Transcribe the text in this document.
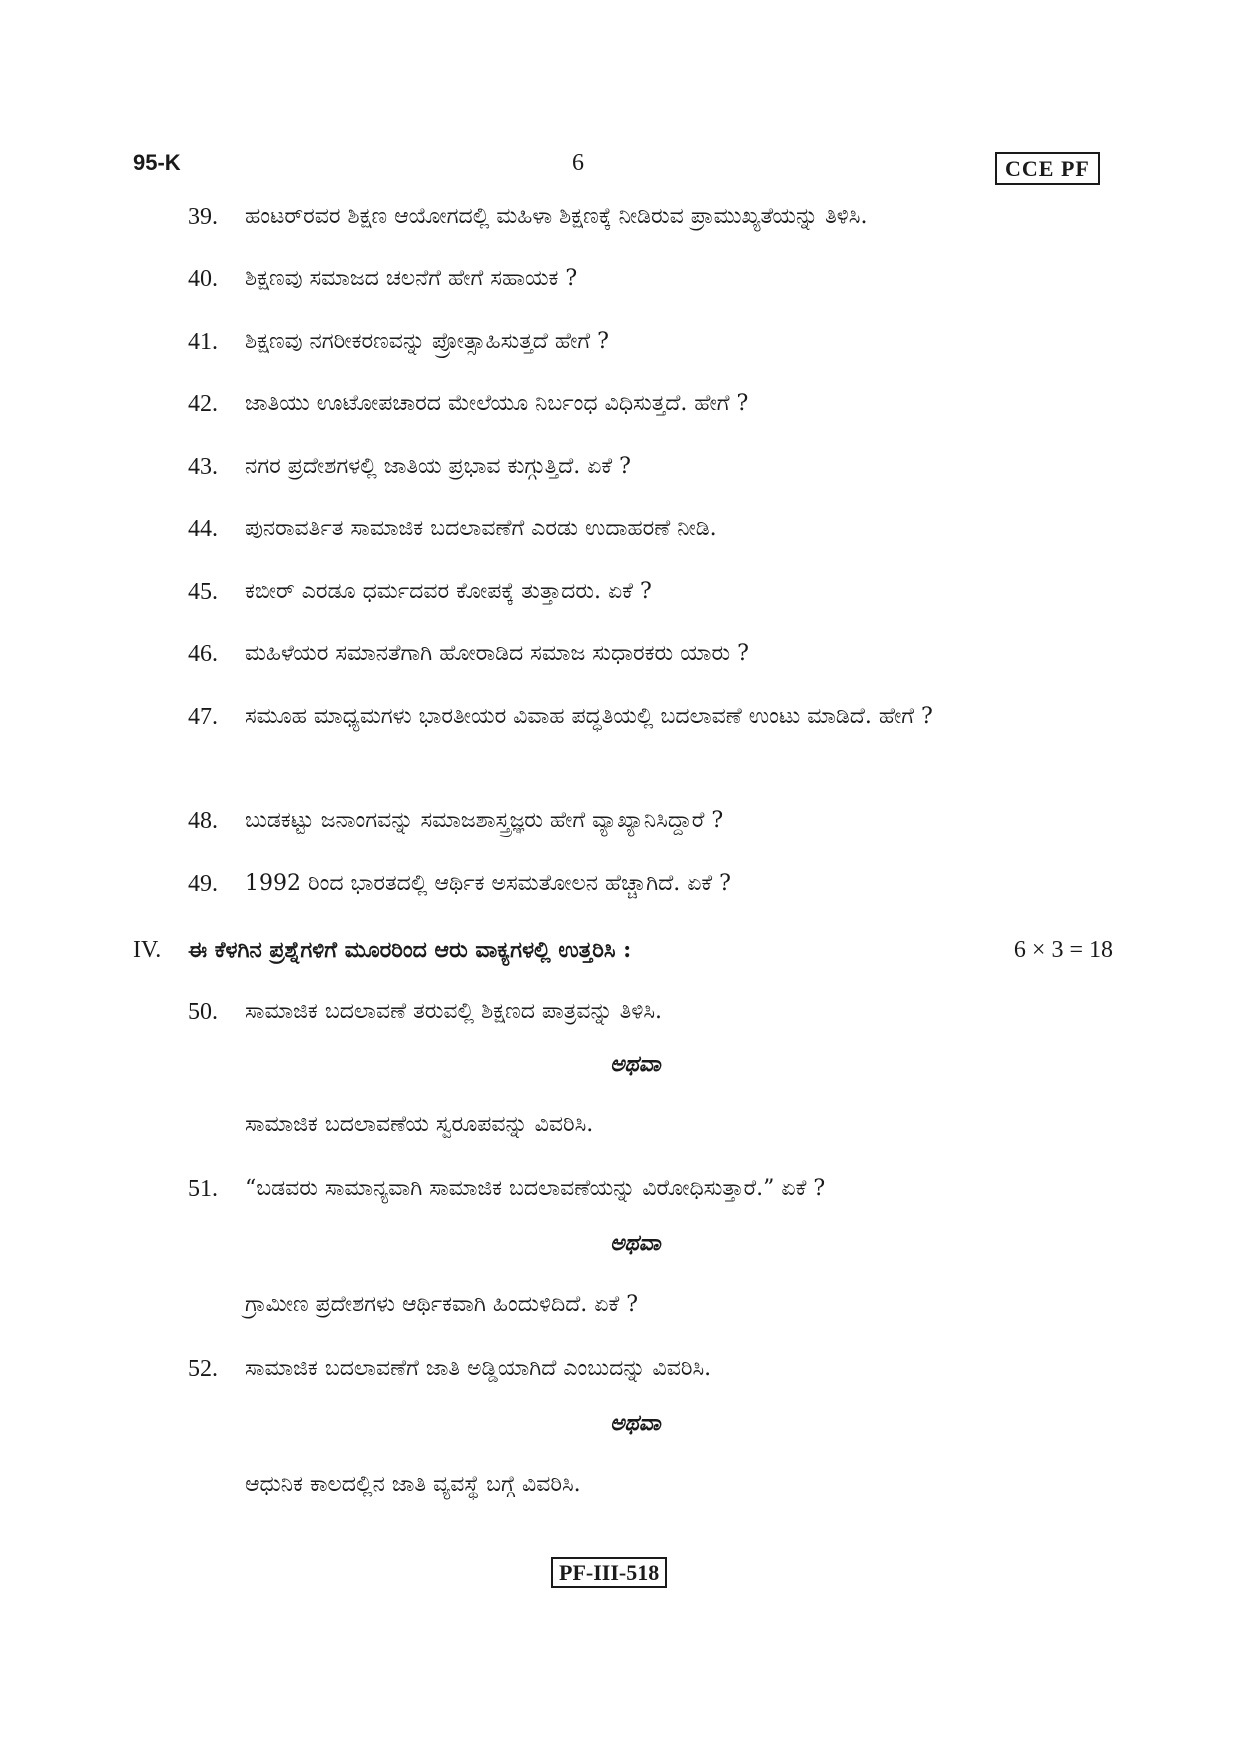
95-K	6	CCE PF
39. ಹಂಟರ್‌ರವರ ಶಿಕ್ಷಣ ಆಯೋಗದಲ್ಲಿ ಮಹಿಳಾ ಶಿಕ್ಷಣಕ್ಕೆ ನೀಡಿರುವ ಪ್ರಾಮುಖ್ಯತೆಯನ್ನು ತಿಳಿಸಿ.
40. ಶಿಕ್ಷಣವು ಸಮಾಜದ ಚಲನೆಗೆ ಹೇಗೆ ಸಹಾಯಕ ?
41. ಶಿಕ್ಷಣವು ನಗರೀಕರಣವನ್ನು ಪ್ರೋತ್ಸಾಹಿಸುತ್ತದೆ ಹೇಗೆ ?
42. ಜಾತಿಯು ಊಟೋಪಚಾರದ ಮೇಲೆಯೂ ನಿರ್ಬಂಧ ವಿಧಿಸುತ್ತದೆ. ಹೇಗೆ ?
43. ನಗರ ಪ್ರದೇಶಗಳಲ್ಲಿ ಜಾತಿಯ ಪ್ರಭಾವ ಕುಗ್ಗುತ್ತಿದೆ. ಏಕೆ ?
44. ಪುನರಾವರ್ತಿತ ಸಾಮಾಜಿಕ ಬದಲಾವಣೆಗೆ ಎರಡು ಉದಾಹರಣೆ ನೀಡಿ.
45. ಕಬೀರ್ ಎರಡೂ ಧರ್ಮದವರ ಕೋಪಕ್ಕೆ ತುತ್ತಾದರು. ಏಕೆ ?
46. ಮಹಿಳೆಯರ ಸಮಾನತೆಗಾಗಿ ಹೋರಾಡಿದ ಸಮಾಜ ಸುಧಾರಕರು ಯಾರು ?
47. ಸಮೂಹ ಮಾಧ್ಯಮಗಳು ಭಾರತೀಯರ ವಿವಾಹ ಪದ್ಧತಿಯಲ್ಲಿ ಬದಲಾವಣೆ ಉಂಟು ಮಾಡಿದೆ. ಹೇಗೆ ?
48. ಬುಡಕಟ್ಟು ಜನಾಂಗವನ್ನು ಸಮಾಜಶಾಸ್ತ್ರಜ್ಞರು ಹೇಗೆ ವ್ಯಾಖ್ಯಾನಿಸಿದ್ದಾರೆ ?
49. 1992 ರಿಂದ ಭಾರತದಲ್ಲಿ ಆರ್ಥಿಕ ಅಸಮತೋಲನ ಹೆಚ್ಚಾಗಿದೆ. ಏಕೆ ?
IV. ಈ ಕೆಳಗಿನ ಪ್ರಶ್ನೆಗಳಿಗೆ ಮೂರರಿಂದ ಆರು ವಾಕ್ಯಗಳಲ್ಲಿ ಉತ್ತರಿಸಿ :	6 × 3 = 18
50. ಸಾಮಾಜಿಕ ಬದಲಾವಣೆ ತರುವಲ್ಲಿ ಶಿಕ್ಷಣದ ಪಾತ್ರವನ್ನು ತಿಳಿಸಿ.
ಅಥವಾ
ಸಾಮಾಜಿಕ ಬದಲಾವಣೆಯ ಸ್ವರೂಪವನ್ನು ವಿವರಿಸಿ.
51. “ಬಡವರು ಸಾಮಾನ್ಯವಾಗಿ ಸಾಮಾಜಿಕ ಬದಲಾವಣೆಯನ್ನು ವಿರೋಧಿಸುತ್ತಾರೆ.” ಏಕೆ ?
ಅಥವಾ
ಗ್ರಾಮೀಣ ಪ್ರದೇಶಗಳು ಆರ್ಥಿಕವಾಗಿ ಹಿಂದುಳಿದಿದೆ. ಏಕೆ ?
52. ಸಾಮಾಜಿಕ ಬದಲಾವಣೆಗೆ ಜಾತಿ ಅಡ್ಡಿಯಾಗಿದೆ ಎಂಬುದನ್ನು ವಿವರಿಸಿ.
ಅಥವಾ
ಆಧುನಿಕ ಕಾಲದಲ್ಲಿನ ಜಾತಿ ವ್ಯವಸ್ಥೆ ಬಗ್ಗೆ ವಿವರಿಸಿ.
PF-III-518
